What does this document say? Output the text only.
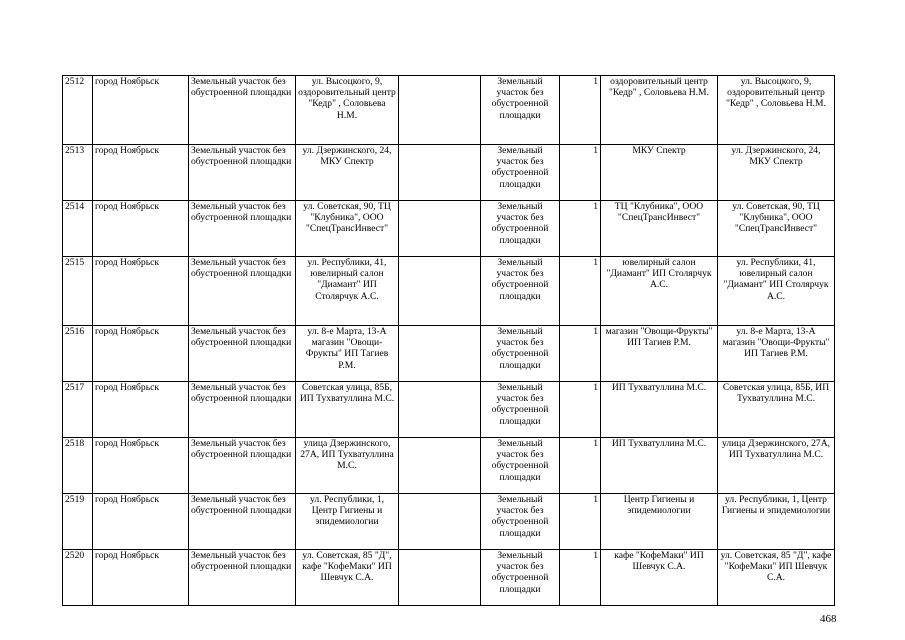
2512	город Ноябрьск	Земельный участок без обустроенной площадки	ул. Высоцкого, 9, оздоровительный центр "Кедр" , Соловьева Н.М.		Земельный участок без обустроенной площадки	1	оздоровительный центр "Кедр" , Соловьева Н.М.	ул. Высоцкого, 9, оздоровительный центр "Кедр" , Соловьева Н.М.
2513	город Ноябрьск	Земельный участок без обустроенной площадки	ул. Дзержинского, 24, МКУ Спектр		Земельный участок без обустроенной площадки	1	МКУ Спектр	ул. Дзержинского, 24, МКУ Спектр
2514	город Ноябрьск	Земельный участок без обустроенной площадки	ул. Советская, 90, ТЦ "Клубника", ООО "СпецТрансИнвест"		Земельный участок без обустроенной площадки	1	ТЦ "Клубника", ООО "СпецТрансИнвест"	ул. Советская, 90, ТЦ "Клубника", ООО "СпецТрансИнвест"
2515	город Ноябрьск	Земельный участок без обустроенной площадки	ул. Республики, 41, ювелирный салон "Диамант" ИП Столярчук А.С.		Земельный участок без обустроенной площадки	1	ювелирный салон "Диамант" ИП Столярчук А.С.	ул. Республики, 41, ювелирный салон "Диамант" ИП Столярчук А.С.
2516	город Ноябрьск	Земельный участок без обустроенной площадки	ул. 8-е Марта, 13-А магазин "Овощи-Фрукты" ИП Тагиев Р.М.		Земельный участок без обустроенной площадки	1	магазин "Овощи-Фрукты" ИП Тагиев Р.М.	ул. 8-е Марта, 13-А магазин "Овощи-Фрукты" ИП Тагиев Р.М.
2517	город Ноябрьск	Земельный участок без обустроенной площадки	Советская улица, 85Б, ИП Тухватуллина М.С.		Земельный участок без обустроенной площадки	1	ИП Тухватуллина М.С.	Советская улица, 85Б, ИП Тухватуллина М.С.
2518	город Ноябрьск	Земельный участок без обустроенной площадки	улица Дзержинского, 27А, ИП Тухватуллина М.С.		Земельный участок без обустроенной площадки	1	ИП Тухватуллина М.С.	улица Дзержинского, 27А, ИП Тухватуллина М.С.
2519	город Ноябрьск	Земельный участок без обустроенной площадки	ул. Республики, 1, Центр Гигиены и эпидемиологии		Земельный участок без обустроенной площадки	1	Центр Гигиены и эпидемиологии	ул. Республики, 1, Центр Гигиены и эпидемиологии
2520	город Ноябрьск	Земельный участок без обустроенной площадки	ул. Советская, 85 "Д", кафе "КофеМаки" ИП Шевчук С.А.		Земельный участок без обустроенной площадки	1	кафе "КофеМаки" ИП Шевчук С.А.	ул. Советская, 85 "Д", кафе "КофеМаки" ИП Шевчук С.А.
468
